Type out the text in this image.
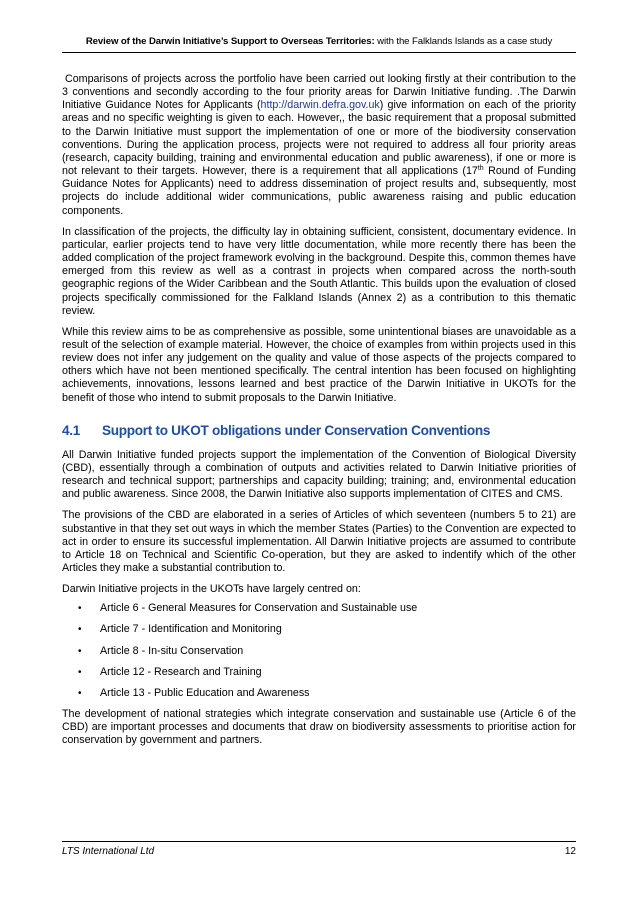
Review of the Darwin Initiative’s Support to Overseas Territories: with the Falklands Islands as a case study

Comparisons of projects across the portfolio have been carried out looking firstly at their contribution to the 3 conventions and secondly according to the four priority areas for Darwin Initiative funding. .The Darwin Initiative Guidance Notes for Applicants (http://darwin.defra.gov.uk) give information on each of the priority areas and no specific weighting is given to each. However,, the basic requirement that a proposal submitted to the Darwin Initiative must support the implementation of one or more of the biodiversity conservation conventions. During the application process, projects were not required to address all four priority areas (research, capacity building, training and environmental education and public awareness), if one or more is not relevant to their targets. However, there is a requirement that all applications (17th Round of Funding Guidance Notes for Applicants) need to address dissemination of project results and, subsequently, most projects do include additional wider communications, public awareness raising and public education components.

In classification of the projects, the difficulty lay in obtaining sufficient, consistent, documentary evidence. In particular, earlier projects tend to have very little documentation, while more recently there has been the added complication of the project framework evolving in the background. Despite this, common themes have emerged from this review as well as a contrast in projects when compared across the north-south geographic regions of the Wider Caribbean and the South Atlantic. This builds upon the evaluation of closed projects specifically commissioned for the Falkland Islands (Annex 2) as a contribution to this thematic review.

While this review aims to be as comprehensive as possible, some unintentional biases are unavoidable as a result of the selection of example material. However, the choice of examples from within projects used in this review does not infer any judgement on the quality and value of those aspects of the projects compared to others which have not been mentioned specifically. The central intention has been focused on highlighting achievements, innovations, lessons learned and best practice of the Darwin Initiative in UKOTs for the benefit of those who intend to submit proposals to the Darwin Initiative.

4.1 Support to UKOT obligations under Conservation Conventions

All Darwin Initiative funded projects support the implementation of the Convention of Biological Diversity (CBD), essentially through a combination of outputs and activities related to Darwin Initiative priorities of research and technical support; partnerships and capacity building; training; and, environmental education and public awareness. Since 2008, the Darwin Initiative also supports implementation of CITES and CMS.

The provisions of the CBD are elaborated in a series of Articles of which seventeen (numbers 5 to 21) are substantive in that they set out ways in which the member States (Parties) to the Convention are expected to act in order to ensure its successful implementation. All Darwin Initiative projects are assumed to contribute to Article 18 on Technical and Scientific Co-operation, but they are asked to indentify which of the other Articles they make a substantial contribution to.

Darwin Initiative projects in the UKOTs have largely centred on:

•	Article 6 - General Measures for Conservation and Sustainable use
•	Article 7 - Identification and Monitoring
•	Article 8 - In-situ Conservation
•	Article 12 - Research and Training
•	Article 13 - Public Education and Awareness

The development of national strategies which integrate conservation and sustainable use (Article 6 of the CBD) are important processes and documents that draw on biodiversity assessments to prioritise action for conservation by government and partners.

LTS International Ltd	12
